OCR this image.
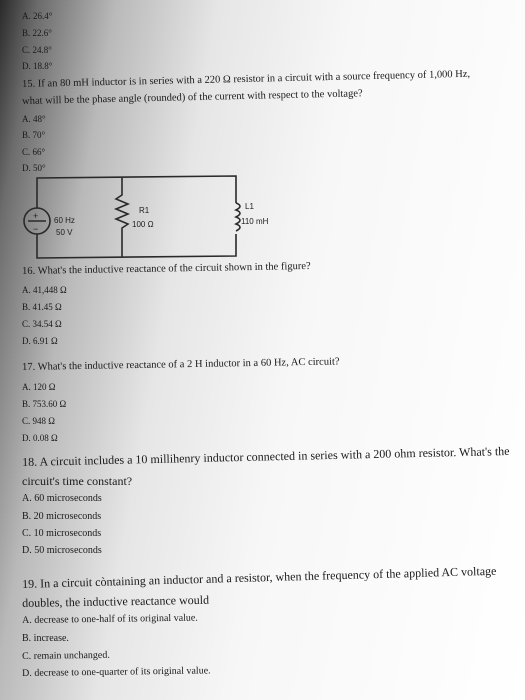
A. 26.4°
B. 22.6°
C. 24.8°
D. 18.8°
15. If an 80 mH inductor is in series with a 220 Ω resistor in a circuit with a source frequency of 1,000 Hz,
what will be the phase angle (rounded) of the current with respect to the voltage?
A. 48°
B. 70°
C. 66°
D. 50°
+
−
60 Hz
50 V
R1
100 Ω
L1
110 mH
16. What's the inductive reactance of the circuit shown in the figure?
A. 41,448 Ω
B. 41.45 Ω
C. 34.54 Ω
D. 6.91 Ω
17. What's the inductive reactance of a 2 H inductor in a 60 Hz, AC circuit?
A. 120 Ω
B. 753.60 Ω
C. 948 Ω
D. 0.08 Ω
18. A circuit includes a 10 millihenry inductor connected in series with a 200 ohm resistor. What's the
circuit's time constant?
A. 60 microseconds
B. 20 microseconds
C. 10 microseconds
D. 50 microseconds
19. In a circuit còntaining an inductor and a resistor, when the frequency of the applied AC voltage
doubles, the inductive reactance would
A. decrease to one-half of its original value.
B. increase.
C. remain unchanged.
D. decrease to one-quarter of its original value.
